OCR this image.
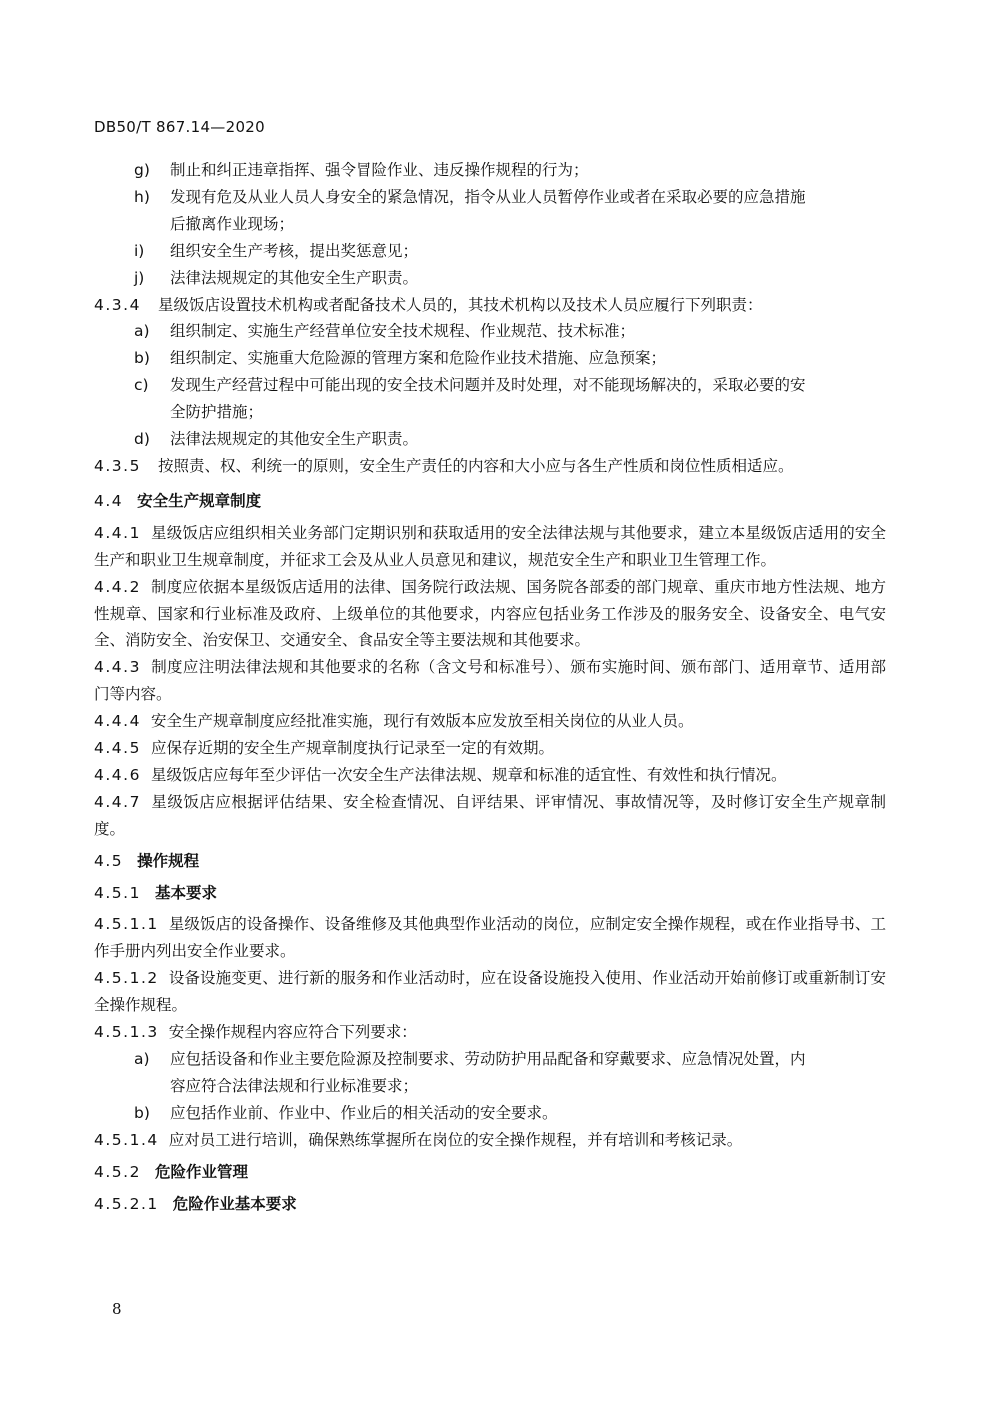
DB50/T 867.14—2020
g) 制止和纠正违章指挥、强令冒险作业、违反操作规程的行为；
h) 发现有危及从业人员人身安全的紧急情况，指令从业人员暂停作业或者在采取必要的应急措施
后撤离作业现场；
i) 组织安全生产考核，提出奖惩意见；
j) 法律法规规定的其他安全生产职责。
4.3.4 星级饭店设置技术机构或者配备技术人员的，其技术机构以及技术人员应履行下列职责：
a) 组织制定、实施生产经营单位安全技术规程、作业规范、技术标准；
b) 组织制定、实施重大危险源的管理方案和危险作业技术措施、应急预案；
c) 发现生产经营过程中可能出现的安全技术问题并及时处理，对不能现场解决的，采取必要的安
全防护措施；
d) 法律法规规定的其他安全生产职责。
4.3.5 按照责、权、利统一的原则，安全生产责任的内容和大小应与各生产性质和岗位性质相适应。
4.4 安全生产规章制度
4.4.1 星级饭店应组织相关业务部门定期识别和获取适用的安全法律法规与其他要求，建立本星级饭店适用的安全生产和职业卫生规章制度，并征求工会及从业人员意见和建议，规范安全生产和职业卫生管理工作。
4.4.2 制度应依据本星级饭店适用的法律、国务院行政法规、国务院各部委的部门规章、重庆市地方性法规、地方性规章、国家和行业标准及政府、上级单位的其他要求，内容应包括业务工作涉及的服务安全、设备安全、电气安全、消防安全、治安保卫、交通安全、食品安全等主要法规和其他要求。
4.4.3 制度应注明法律法规和其他要求的名称（含文号和标准号）、颁布实施时间、颁布部门、适用章节、适用部门等内容。
4.4.4 安全生产规章制度应经批准实施，现行有效版本应发放至相关岗位的从业人员。
4.4.5 应保存近期的安全生产规章制度执行记录至一定的有效期。
4.4.6 星级饭店应每年至少评估一次安全生产法律法规、规章和标准的适宜性、有效性和执行情况。
4.4.7 星级饭店应根据评估结果、安全检查情况、自评结果、评审情况、事故情况等，及时修订安全生产规章制度。
4.5 操作规程
4.5.1 基本要求
4.5.1.1 星级饭店的设备操作、设备维修及其他典型作业活动的岗位，应制定安全操作规程，或在作业指导书、工作手册内列出安全作业要求。
4.5.1.2 设备设施变更、进行新的服务和作业活动时，应在设备设施投入使用、作业活动开始前修订或重新制订安全操作规程。
4.5.1.3 安全操作规程内容应符合下列要求：
a) 应包括设备和作业主要危险源及控制要求、劳动防护用品配备和穿戴要求、应急情况处置，内
容应符合法律法规和行业标准要求；
b) 应包括作业前、作业中、作业后的相关活动的安全要求。
4.5.1.4 应对员工进行培训，确保熟练掌握所在岗位的安全操作规程，并有培训和考核记录。
4.5.2 危险作业管理
4.5.2.1 危险作业基本要求
8
